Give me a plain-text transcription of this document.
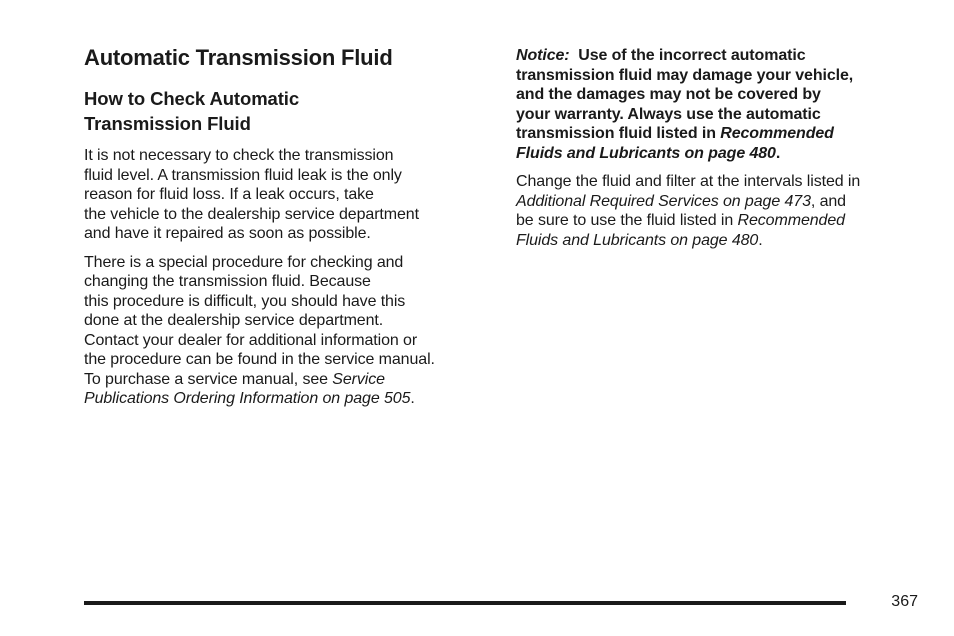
Automatic Transmission Fluid
How to Check Automatic
Transmission Fluid

It is not necessary to check the transmission
fluid level. A transmission fluid leak is the only
reason for fluid loss. If a leak occurs, take
the vehicle to the dealership service department
and have it repaired as soon as possible.

There is a special procedure for checking and
changing the transmission fluid. Because
this procedure is difficult, you should have this
done at the dealership service department.
Contact your dealer for additional information or
the procedure can be found in the service manual.
To purchase a service manual, see Service
Publications Ordering Information on page 505.

Notice: Use of the incorrect automatic
transmission fluid may damage your vehicle,
and the damages may not be covered by
your warranty. Always use the automatic
transmission fluid listed in Recommended
Fluids and Lubricants on page 480.

Change the fluid and filter at the intervals listed in
Additional Required Services on page 473, and
be sure to use the fluid listed in Recommended
Fluids and Lubricants on page 480.

367
